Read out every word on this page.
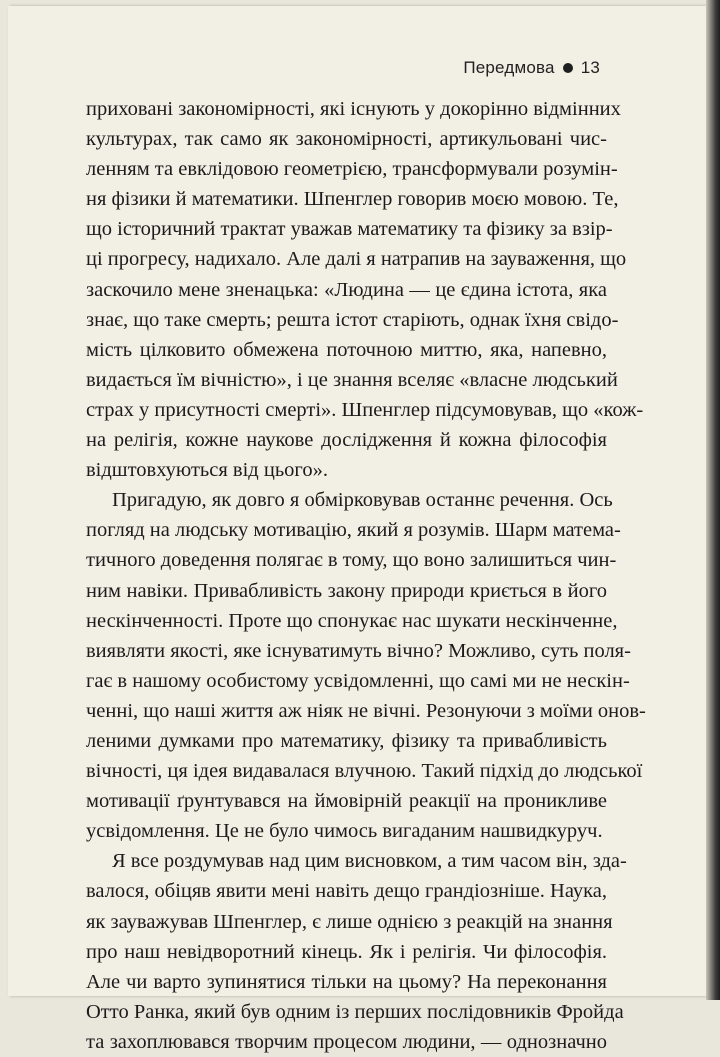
Передмова 13
приховані закономірності, які існують у докорінно відмінних
культурах, так само як закономірності, артикульовані чис-
ленням та евклідовою геометрією, трансформували розумін-
ня фізики й математики. Шпенглер говорив моєю мовою. Те,
що історичний трактат уважав математику та фізику за взір-
ці прогресу, надихало. Але далі я натрапив на зауваження, що
заскочило мене зненацька: «Людина — це єдина істота, яка
знає, що таке смерть; решта істот старіють, однак їхня свідо-
мість цілковито обмежена поточною миттю, яка, напевно,
видається їм вічністю», і це знання вселяє «власне людський
страх у присутності смерті». Шпенглер підсумовував, що «кож-
на релігія, кожне наукове дослідження й кожна філософія
відштовхуються від цього».
Пригадую, як довго я обмірковував останнє речення. Ось
погляд на людську мотивацію, який я розумів. Шарм матема-
тичного доведення полягає в тому, що воно залишиться чин-
ним навіки. Привабливість закону природи криється в його
нескінченності. Проте що спонукає нас шукати нескінченне,
виявляти якості, яке існуватимуть вічно? Можливо, суть поля-
гає в нашому особистому усвідомленні, що самі ми не нескін-
ченні, що наші життя аж ніяк не вічні. Резонуючи з моїми онов-
леними думками про математику, фізику та привабливість
вічності, ця ідея видавалася влучною. Такий підхід до людської
мотивації ґрунтувався на ймовірній реакції на проникливе
усвідомлення. Це не було чимось вигаданим нашвидкуруч.
Я все роздумував над цим висновком, а тим часом він, зда-
валося, обіцяв явити мені навіть дещо грандіозніше. Наука,
як зауважував Шпенглер, є лише однією з реакцій на знання
про наш невідворотний кінець. Як і релігія. Чи філософія.
Але чи варто зупинятися тільки на цьому? На переконання
Отто Ранка, який був одним із перших послідовників Фройда
та захоплювався творчим процесом людини, — однозначно
